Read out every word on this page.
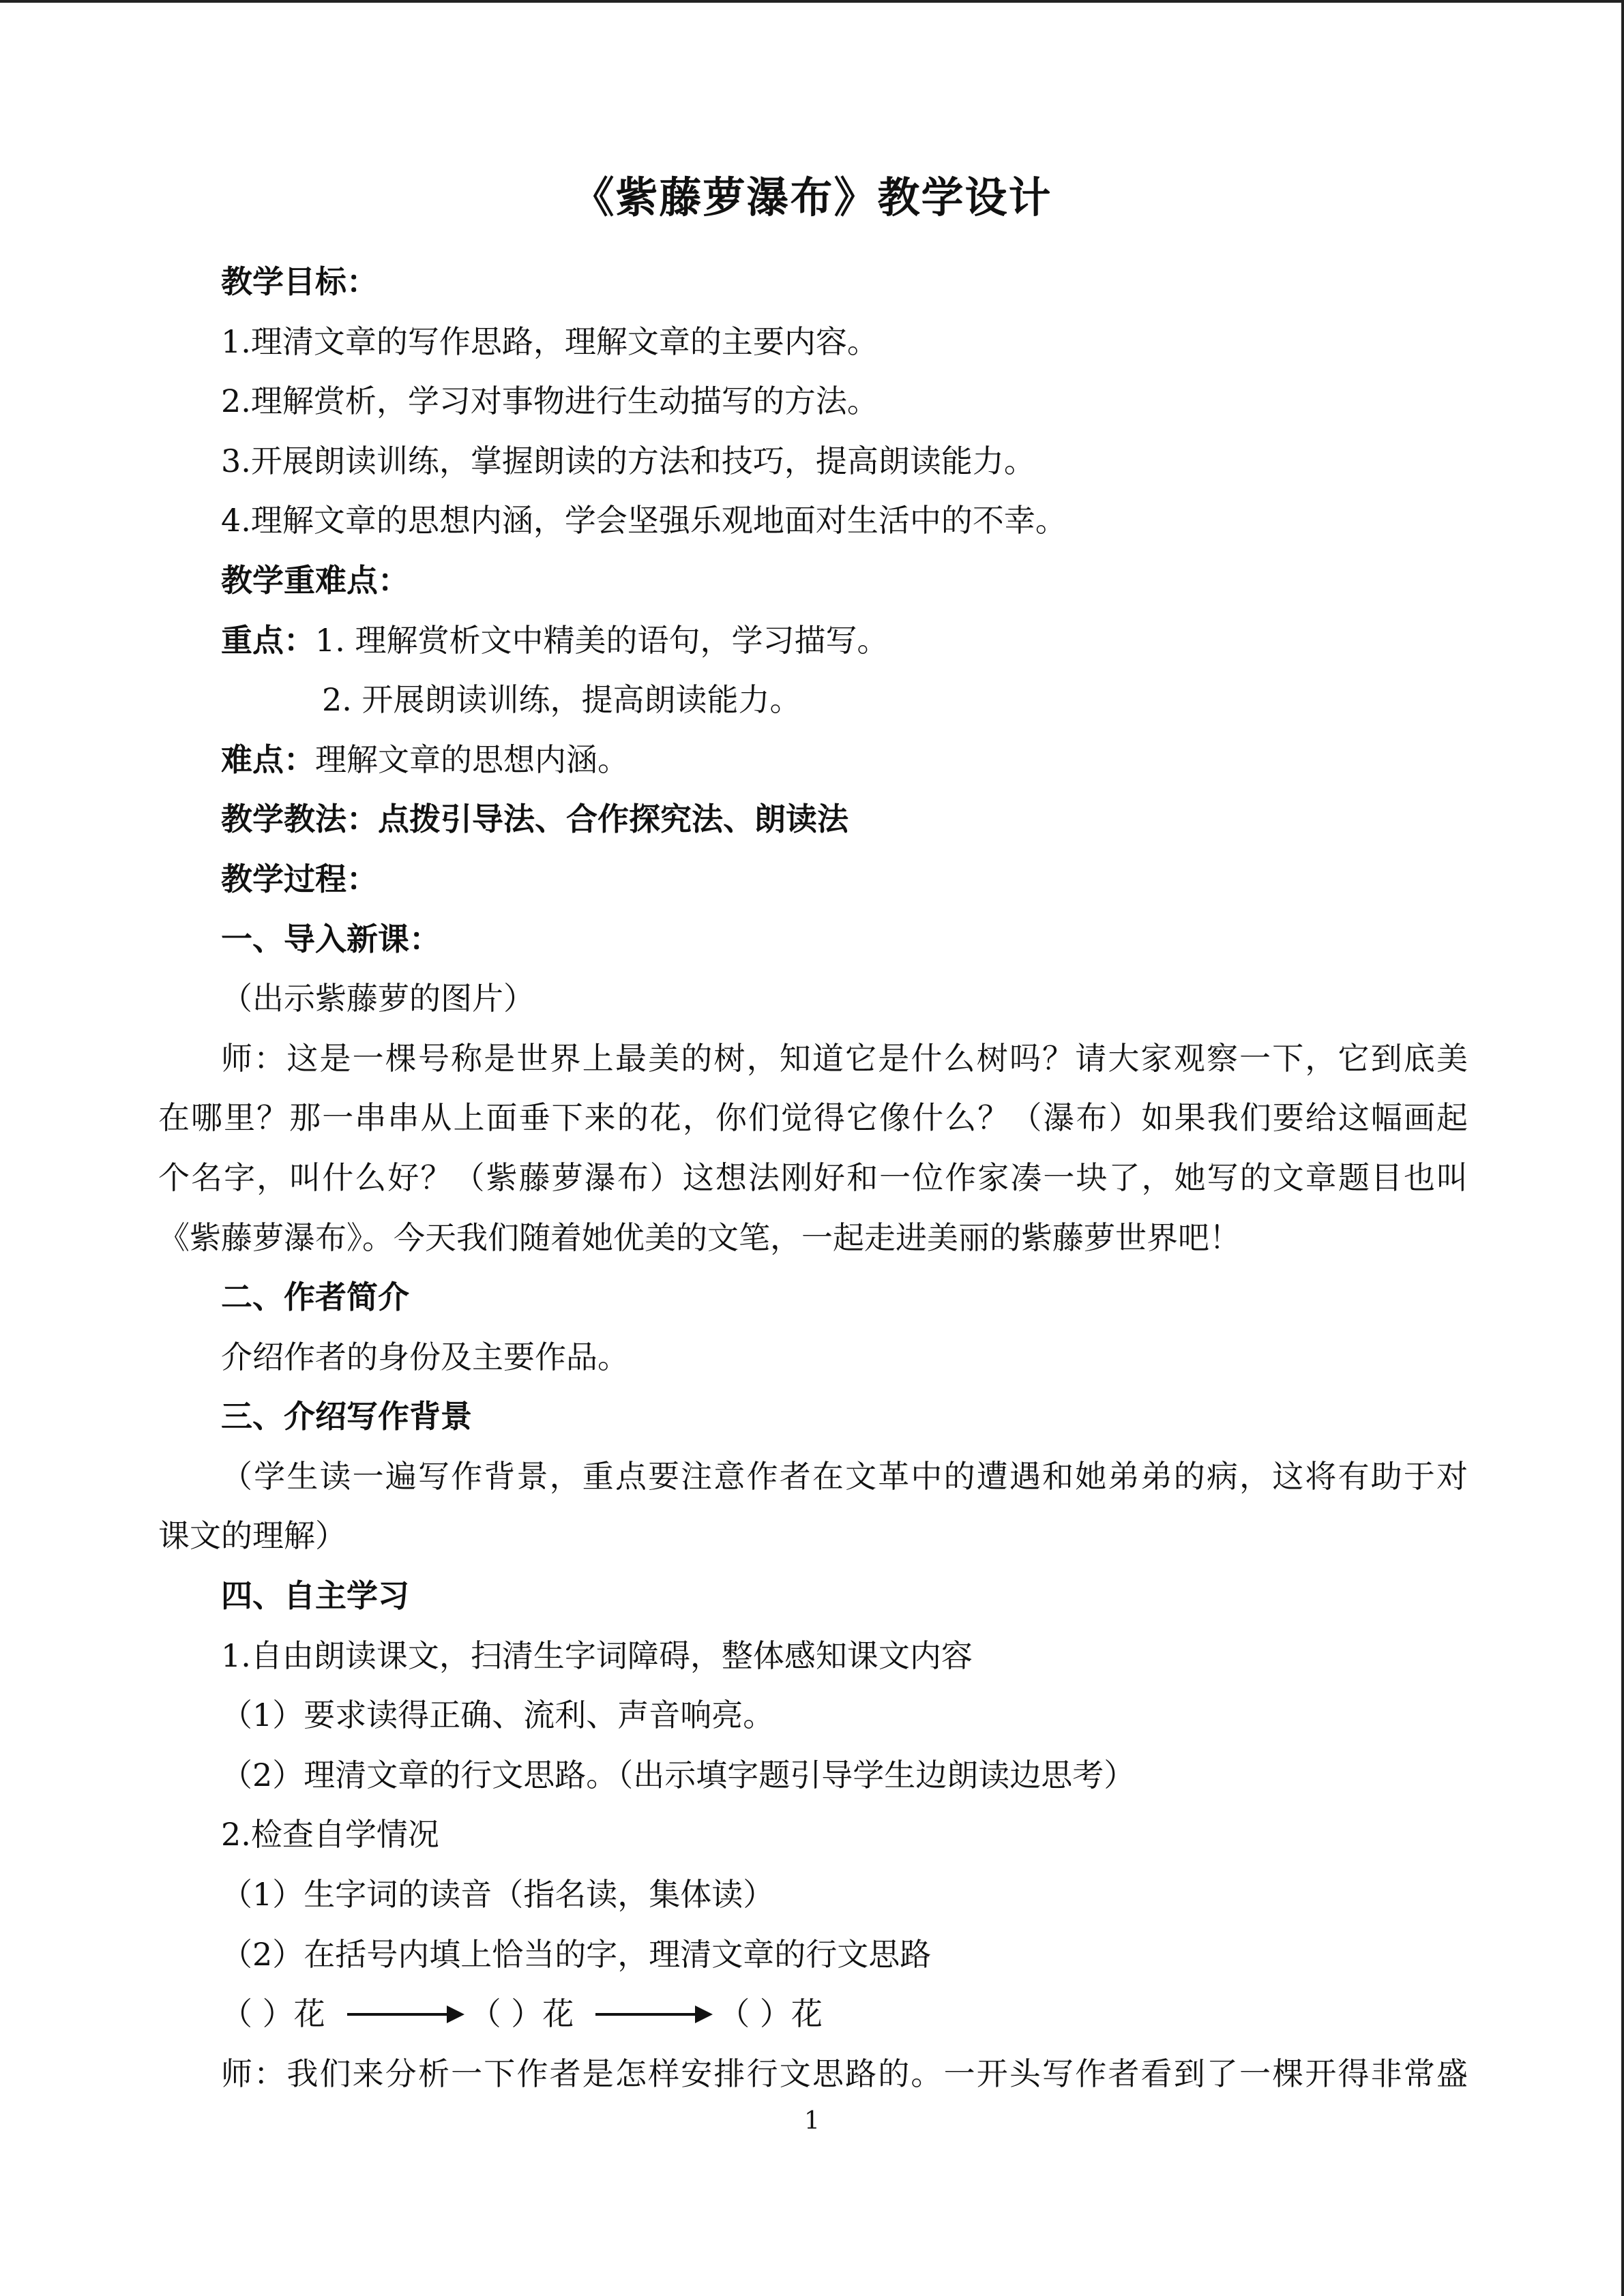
《紫藤萝瀑布》教学设计
教学目标：
1.理清文章的写作思路，理解文章的主要内容。
2.理解赏析，学习对事物进行生动描写的方法。
3.开展朗读训练，掌握朗读的方法和技巧，提高朗读能力。
4.理解文章的思想内涵，学会坚强乐观地面对生活中的不幸。
教学重难点：
重点：1. 理解赏析文中精美的语句，学习描写。
2. 开展朗读训练，提高朗读能力。
难点：理解文章的思想内涵。
教学教法：点拨引导法、合作探究法、朗读法
教学过程：
一、导入新课：
（出示紫藤萝的图片）
师：这是一棵号称是世界上最美的树，知道它是什么树吗？请大家观察一下，它到底美
在哪里？那一串串从上面垂下来的花，你们觉得它像什么？（瀑布）如果我们要给这幅画起
个名字，叫什么好？（紫藤萝瀑布）这想法刚好和一位作家凑一块了，她写的文章题目也叫
《紫藤萝瀑布》。今天我们随着她优美的文笔，一起走进美丽的紫藤萝世界吧！
二、作者简介
介绍作者的身份及主要作品。
三、介绍写作背景
（学生读一遍写作背景，重点要注意作者在文革中的遭遇和她弟弟的病，这将有助于对
课文的理解）
四、自主学习
1.自由朗读课文，扫清生字词障碍，整体感知课文内容
（1）要求读得正确、流利、声音响亮。
（2）理清文章的行文思路。（出示填字题引导学生边朗读边思考）
2.检查自学情况
（1）生字词的读音（指名读，集体读）
（2）在括号内填上恰当的字，理清文章的行文思路
（ ）花	（ ）花	（ ）花
师：我们来分析一下作者是怎样安排行文思路的。一开头写作者看到了一棵开得非常盛
1
